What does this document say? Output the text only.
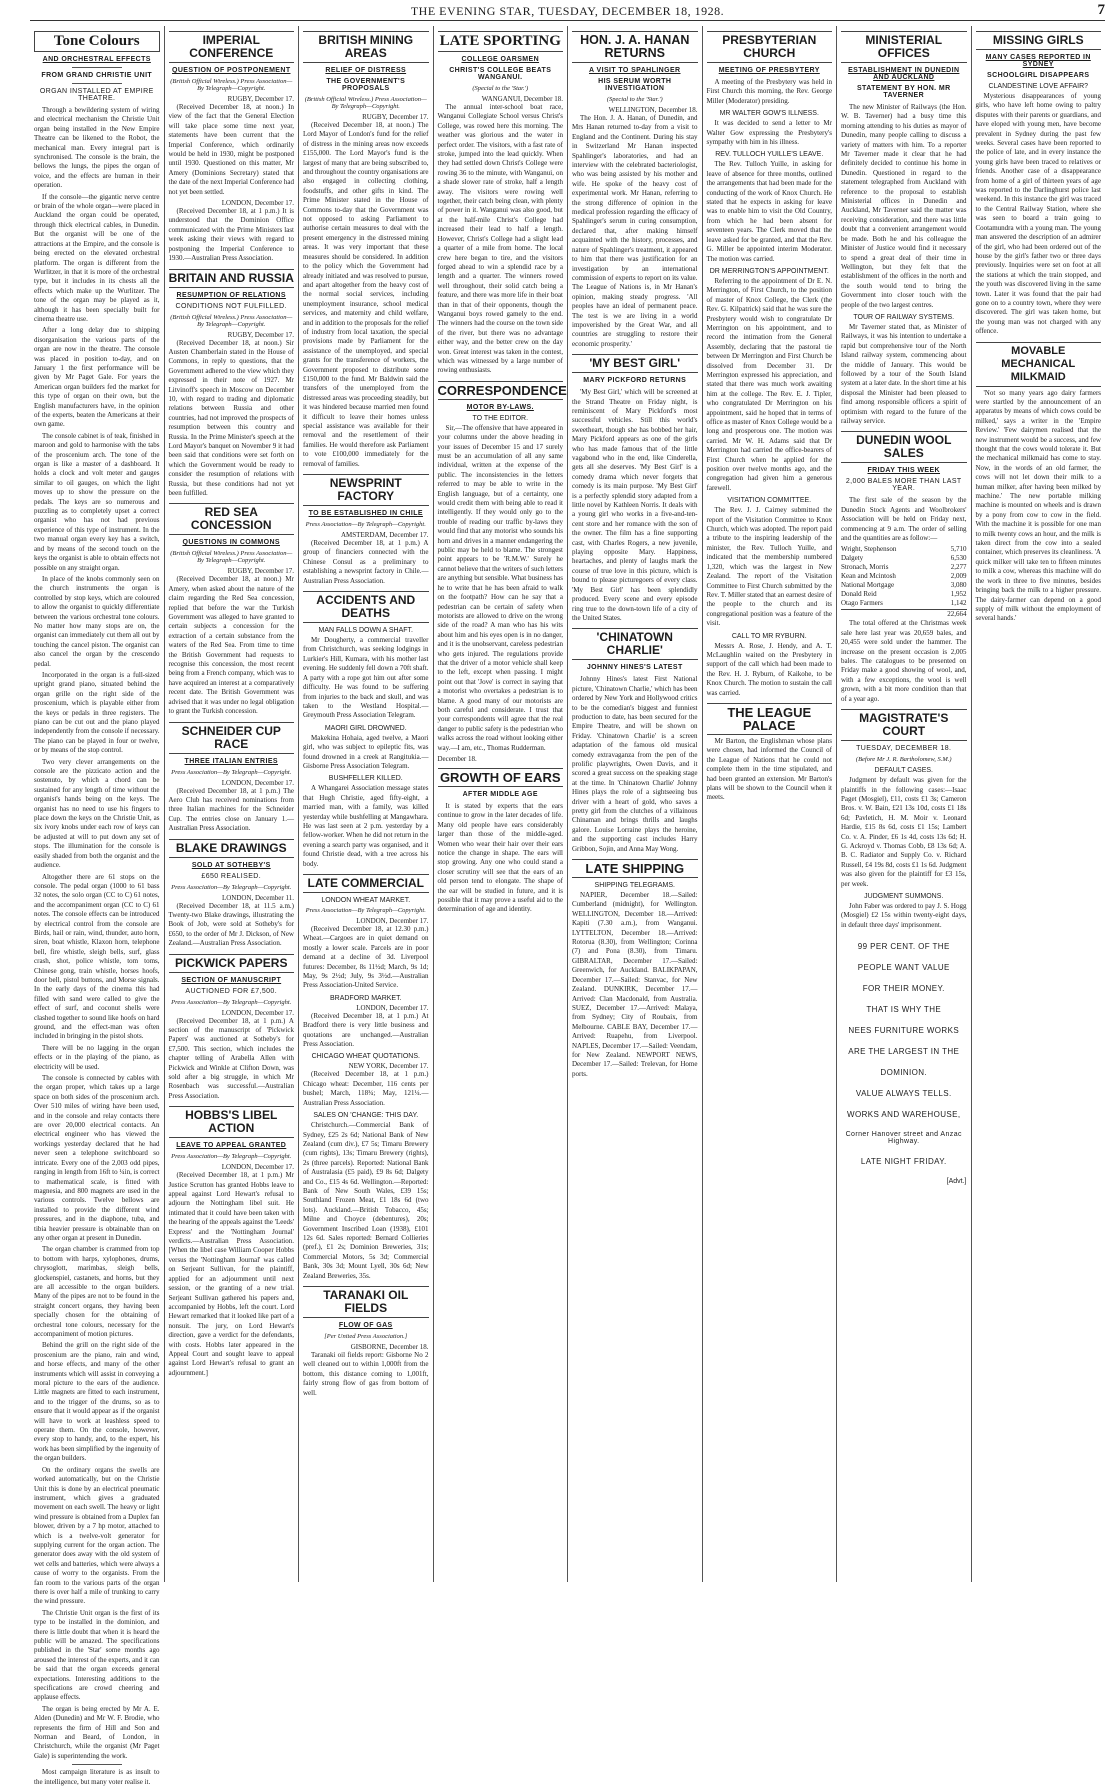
THE EVENING STAR, TUESDAY, DECEMBER 18, 1928.	7
Tone Colours
AND ORCHESTRAL EFFECTS
FROM GRAND CHRISTIE UNIT
ORGAN INSTALLED AT EMPIRE THEATRE.

Through a bewildering system of wiring and electrical mechanism the Christie Unit organ being installed in the New Empire Theatre can be likened to the Robot, the mechanical man. Every integral part is synchronised. The console is the brain, the bellows the lungs, the pipes the organ of voice, and the effects are human in their operation.

If the console—the gigantic nerve centre or brain of the whole organ—were placed in Auckland the organ could be operated, through thick electrical cables, in Dunedin. But the organist will be one of the attractions at the Empire, and the console is being erected on the elevated orchestral platform. The organ is different from the Wurlitzer, in that it is more of the orchestral type, but it includes in its chests all the effects which make up the Wurlitzer. The tone of the organ may be played as it, although it has been specially built for cinema theatre use.

After a long delay due to shipping disorganisation the various parts of the organ are now in the theatre. The console was placed in position to-day, and on January 1 the first performance will be given by Mr Paget Gale. For years the American organ builders fed the market for this type of organ on their own, but the English manufacturers have, in the opinion of the experts, beaten the Americans at their own game.

The console cabinet is of teak, finished in maroon and gold to harmonise with the tabs of the proscenium arch. The tone of the organ is like a master of a dashboard. It holds a clock and volt meter and gauges similar to oil gauges, on which the light moves up to show the pressure on the pedals. The keys are so numerous and puzzling as to completely upset a correct organist who has not had previous experience of this type of instrument. In the two manual organ every key has a switch, and by means of the second touch on the keys the organist is able to obtain effects not possible on any straight organ.

In place of the knobs commonly seen on the church instruments the organ is controlled by stop keys, which are coloured to allow the organist to quickly differentiate between the various orchestral tone colours. No matter how many stops are on, the organist can immediately cut them all out by touching the cancel piston. The organist can also cancel the organ by the crescendo pedal.

Incorporated in the organ is a full-sized upright grand piano, situated behind the organ grille on the right side of the proscenium, which is playable either from the keys or pedals in three registers. The piano can be cut out and the piano played independently from the console if necessary. The piano can be played in four or twelve, or by means of the stop control.

Two very clever arrangements on the console are the pizzicato action and the sostenuto, by which a chord can be sustained for any length of time without the organist's hands being on the keys. The organist has no need to use his fingers to place down the keys on the Christie Unit, as six ivory knobs under each row of keys can be adjusted at will to put down any set of stops. The illumination for the console is easily shaded from both the organist and the audience.

Altogether there are 61 stops on the console. The pedal organ (1000 to 61 bass 32 notes, the solo organ (CC to C) 61 notes, and the accompaniment organ (CC to C) 61 notes. The console effects can be introduced by electrical control from the console are Birds, hail or rain, wind, thunder, auto horn, siren, boat whistle, Klaxon horn, telephone bell, fire whistle, sleigh bells, surf, glass crash, shot, police whistle, tom toms, Chinese gong, train whistle, horses hoofs, door bell, pistol buttons, and Morse signals. In the early days of the cinema this had filled with sand were called to give the effect of surf, and coconut shells were clashed together to sound like hoofs on hard ground, and the effect-man was often included in bringing in the pistol shots.

There will be no lagging in the organ effects or in the playing of the piano, as electricity will be used.

The console is connected by cables with the organ proper, which takes up a large space on both sides of the proscenium arch. Over 510 miles of wiring have been used, and in the console and relay contacts there are over 20,000 electrical contacts. An electrical engineer who has viewed the workings yesterday declared that he had never seen a telephone switchboard so intricate. Every one of the 2,003 odd pipes, ranging in length from 16ft to ¼in, is correct to mathematical scale, is fitted with magnesia, and 800 magnets are used in the various controls. Twelve bellows are installed to provide the different wind pressures, and in the diaphone, tuba, and tibia heavier pressure is obtainable than on any other organ at present in Dunedin.

The organ chamber is crammed from top to bottom with harps, xylophones, drums, chrysoglott, marimbas, sleigh bells, glockenspiel, castanets, and horns, but they are all accessible to the organ builders. Many of the pipes are not to be found in the straight concert organs, they having been specially chosen for the obtaining of orchestral tone colours, necessary for the accompaniment of motion pictures.

Behind the grill on the right side of the proscenium are the piano, rain and wind, and horse effects, and many of the other instruments which will assist in conveying a moral picture to the ears of the audience. Little magnets are fitted to each instrument, and to the trigger of the drums, so as to ensure that it would appear as if the organist will have to work at leashless speed to operate them. On the console, however, every stop to handy, and, to the expert, his work has been simplified by the ingenuity of the organ builders.

On the ordinary organs the swells are worked automatically, but on the Christie Unit this is done by an electrical pneumatic instrument, which gives a graduated movement on each swell. The heavy or light wind pressure is obtained from a Duplex fan blower, driven by a 7 hp motor, attached to which is a twelve-volt generator for supplying current for the organ action. The generator does away with the old system of wet cells and batteries, which were always a cause of worry to the organists. From the fan room to the various parts of the organ there is over half a mile of trunking to carry the wind pressure.

The Christie Unit organ is the first of its type to be installed in the dominion, and there is little doubt that when it is heard the public will be amazed. The specifications published in the 'Star' some months ago aroused the interest of the experts, and it can be said that the organ exceeds general expectations. Interesting additions to the specifications are crowd cheering and applause effects.

The organ is being erected by Mr A. E. Alden (Dunedin) and Mr W. F. Brodie, who represents the firm of Hill and Son and Norman and Beard, of London, in Christchurch, while the organist (Mr Paget Gale) is superintending the work.

Most campaign literature is as insult to the intelligence, but many voter realise it.

IMPERIAL CONFERENCE
QUESTION OF POSTPONEMENT
(British Official Wireless.) Press Association—By Telegraph—Copyright.
RUGBY, December 17.

(Received December 18, at noon.) In view of the fact that the General Election will take place some time next year, statements have been current that the Imperial Conference, which ordinarily would be held in 1930, might be postponed until 1930. Questioned on this matter, Mr Amery (Dominions Secretary) stated that the date of the next Imperial Conference had not yet been settled.

LONDON, December 17.

(Received December 18, at 1 p.m.) It is understood that the Dominion Office communicated with the Prime Ministers last week asking their views with regard to postponing the Imperial Conference to 1930.—Australian Press Association.

BRITAIN AND RUSSIA
RESUMPTION OF RELATIONS
CONDITIONS NOT FULFILLED.
(British Official Wireless.) Press Association—By Telegraph—Copyright.
RUGBY, December 17.

(Received December 18, at noon.) Sir Austen Chamberlain stated in the House of Commons, in reply to questions, that the Government adhered to the view which they expressed in their note of 1927. Mr Litvinoff's speech in Moscow on December 10, with regard to trading and diplomatic relations between Russia and other countries, had not improved the prospects of resumption between this country and Russia. In the Prime Minister's speech at the Lord Mayor's banquet on November 9 it had been said that conditions were set forth on which the Government would be ready to consider the resumption of relations with Russia, but these conditions had not yet been fulfilled.

RED SEA CONCESSION
QUESTIONS IN COMMONS
(British Official Wireless.) Press Association—By Telegraph—Copyright.
RUGBY, December 17.

(Received December 18, at noon.) Mr Amery, when asked about the nature of the claim regarding the Red Sea concession, replied that before the war the Turkish Government was alleged to have granted to certain subjects a concession for the extraction of a certain substance from the waters of the Red Sea. From time to time the British Government had requests to recognise this concession, the most recent being from a French company, which was to have acquired an interest at a comparatively recent date. The British Government was advised that it was under no legal obligation to grant the Turkish concession.

SCHNEIDER CUP RACE
THREE ITALIAN ENTRIES
Press Association—By Telegraph—Copyright.
LONDON, December 17.

(Received December 18, at 1 p.m.) The Aero Club has received nominations from three Italian machines for the Schneider Cup. The entries close on January 1.—Australian Press Association.

BLAKE DRAWINGS
SOLD AT SOTHEBY'S
£650 REALISED.
Press Association—By Telegraph—Copyright.
LONDON, December 11.

(Received December 18, at 11.5 a.m.) Twenty-two Blake drawings, illustrating the Book of Job, were sold at Sotheby's for £650, to the order of Mr J. Dickson, of New Zealand.—Australian Press Association.

PICKWICK PAPERS
SECTION OF MANUSCRIPT
AUCTIONED FOR £7,500.
Press Association—By Telegraph—Copyright.
LONDON, December 17.

(Received December 18, at 1 p.m.) A section of the manuscript of 'Pickwick Papers' was auctioned at Sotheby's for £7,500. This section, which includes the chapter telling of Arabella Allen with Pickwick and Winkle at Clifton Down, was sold after a big struggle, in which Mr Rosenbach was successful.—Australian Press Association.

HOBBS'S LIBEL ACTION
LEAVE TO APPEAL GRANTED
Press Association—By Telegraph—Copyright.
LONDON, December 17.

(Received December 18, at 1 p.m.) Mr Justice Scrutton has granted Hobbs leave to appeal against Lord Hewart's refusal to adjourn the Nottingham libel suit. He intimated that it could have been taken with the hearing of the appeals against the 'Leeds' Express' and the 'Nottingham Journal' verdicts.—Australian Press Association. [When the libel case William Cooper Hobbs versus the 'Nottingham Journal' was called on Serjeant Sullivan, for the plaintiff, applied for an adjournment until next session, or the granting of a new trial. Serjeant Sullivan gathered his papers and, accompanied by Hobbs, left the court. Lord Hewart remarked that it looked like part of a nonsuit. The jury, on Lord Hewart's direction, gave a verdict for the defendants, with costs. Hobbs later appeared in the Appeal Court and sought leave to appeal against Lord Hewart's refusal to grant an adjournment.]

BRITISH MINING AREAS
RELIEF OF DISTRESS
THE GOVERNMENT'S PROPOSALS
(British Official Wireless.) Press Association—By Telegraph—Copyright.
RUGBY, December 17.

(Received December 18, at noon.) The Lord Mayor of London's fund for the relief of distress in the mining areas now exceeds £155,000. The Lord Mayor's fund is the largest of many that are being subscribed to, and throughout the country organisations are also engaged in collecting clothing, foodstuffs, and other gifts in kind. The Prime Minister stated in the House of Commons to-day that the Government was not opposed to asking Parliament to authorise certain measures to deal with the present emergency in the distressed mining areas. It was very important that these measures should be considered. In addition to the policy which the Government had already initiated and was resolved to pursue, and apart altogether from the heavy cost of the normal social services, including unemployment insurance, school medical services, and maternity and child welfare, and in addition to the proposals for the relief of industry from local taxation, the special provisions made by Parliament for the assistance of the unemployed, and special grants for the transference of workers, the Government proposed to distribute some £150,000 to the fund. Mr Baldwin said the transfers of the unemployed from the distressed areas was proceeding steadily, but it was hindered because married men found it difficult to leave their homes unless special assistance was available for their removal and the resettlement of their families. He would therefore ask Parliament to vote £100,000 immediately for the removal of families.

NEWSPRINT FACTORY
TO BE ESTABLISHED IN CHILE
Press Association—By Telegraph—Copyright.
AMSTERDAM, December 17.

(Received December 18, at 1 p.m.) A group of financiers connected with the Chinese Consul as a preliminary to establishing a newsprint factory in Chile.—Australian Press Association.

ACCIDENTS AND DEATHS
MAN FALLS DOWN A SHAFT.

Mr Dougherty, a commercial traveller from Christchurch, was seeking lodgings in Lurkier's Hill, Kumara, with his mother last evening. He suddenly fell down a 70ft shaft. A party with a rope got him out after some difficulty. He was found to be suffering from injuries to the back and skull, and was taken to the Westland Hospital.—Greymouth Press Association Telegram.

MAORI GIRL DROWNED.

Makekina Hohaia, aged twelve, a Maori girl, who was subject to epileptic fits, was found drowned in a creek at Rangitukia.—Gisborne Press Association Telegram.

BUSHFELLER KILLED.

A Whangarei Association message states that Hugh Christie, aged fifty-eight, a married man, with a family, was killed yesterday while bushfelling at Mangawhara. He was last seen at 2 p.m. yesterday by a fellow-worker. When he did not return in the evening a search party was organised, and it found Christie dead, with a tree across his body.

LATE COMMERCIAL
LONDON WHEAT MARKET.
Press Association—By Telegraph—Copyright.
LONDON, December 17.

(Received December 18, at 12.30 p.m.) Wheat.—Cargoes are in quiet demand on mostly a lower scale. Parcels are in poor demand at a decline of 3d. Liverpool futures: December, 8s 11½d; March, 9s 1d; May, 9s 2½d; July, 9s 3½d.—Australian Press Association-United Service.

BRADFORD MARKET.
LONDON, December 17.

(Received December 18, at 1 p.m.) At Bradford there is very little business and quotations are unchanged.—Australian Press Association.

CHICAGO WHEAT QUOTATIONS.
NEW YORK, December 17.

(Received December 18, at 1 p.m.) Chicago wheat: December, 116 cents per bushel; March, 118¾; May, 121¼.—Australian Press Association.

SALES ON 'CHANGE: THIS DAY.

Christchurch.—Commercial Bank of Sydney, £25 2s 6d; National Bank of New Zealand (cum div.), £7 5s; Timaru Brewery (cum rights), 13s; Timaru Brewery (rights), 2s (three parcels). Reported: National Bank of Australasia (£5 paid), £9 8s 6d; Dalgety and Co., £15 4s 6d. Wellington.—Reported: Bank of New South Wales, £39 15s; Southland Frozen Meat, £1 18s 6d (two lots). Auckland.—British Tobacco, 45s; Milne and Choyce (debentures), 20s; Government Inscribed Loan (1938), £101 12s 6d. Sales reported: Bernard Collieries (pref.), £1 2s; Dominion Breweries, 31s; Commercial Motors, 5s 3d; Commercial Bank, 30s 3d; Mount Lyell, 30s 6d; New Zealand Breweries, 35s.

TARANAKI OIL FIELDS
FLOW OF GAS
[Per United Press Association.]
GISBORNE, December 18.

Taranaki oil fields report: Gisborne No 2 well cleaned out to within 1,000ft from the bottom, this distance coming to 1,001ft, fairly strong flow of gas from bottom of well.

LATE SPORTING
COLLEGE OARSMEN
CHRIST'S COLLEGE BEATS WANGANUI.
(Special to the 'Star.')
WANGANUI, December 18.

The annual inter-school boat race, Wanganui Collegiate School versus Christ's College, was rowed here this morning. The weather was glorious and the water in perfect order. The visitors, with a fast rate of stroke, jumped into the lead quickly. When they had settled down Christ's College were rowing 36 to the minute, with Wanganui, on a shade slower rate of stroke, half a length away. The visitors were rowing well together, their catch being clean, with plenty of power in it. Wanganui was also good, but at the half-mile Christ's College had increased their lead to half a length. However, Christ's College had a slight lead a quarter of a mile from home. The local crew here began to tire, and the visitors forged ahead to win a splendid race by a length and a quarter. The winners rowed well throughout, their solid catch being a feature, and there was more life in their boat than in that of their opponents, though the Wanganui boys rowed gamely to the end. The winners had the course on the town side of the river, but there was no advantage either way, and the better crew on the day won. Great interest was taken in the contest, which was witnessed by a large number of rowing enthusiasts.

CORRESPONDENCE
MOTOR BY-LAWS.
TO THE EDITOR.

Sir,—The offensive that have appeared in your columns under the above heading in your issues of December 15 and 17 surely must be an accumulation of all any same individual, written at the expense of the public. The inconsistencies in the letters referred to may be able to write in the English language, but of a certainty, one would credit them with being able to read it intelligently. If they would only go to the trouble of reading our traffic by-laws they would find that any motorist who sounds his horn and drives in a manner endangering the public may be held to blame. The strongest point appears to be 'R.M.W.' Surely he cannot believe that the writers of such letters are anything but sensible. What business has he to write that he has been afraid to walk on the footpath? How can he say that a pedestrian can be certain of safety when motorists are allowed to drive on the wrong side of the road? A man who has his wits about him and his eyes open is in no danger, and it is the unobservant, careless pedestrian who gets injured. The regulations provide that the driver of a motor vehicle shall keep to the left, except when passing. I might point out that 'Jove' is correct in saying that a motorist who overtakes a pedestrian is to blame. A good many of our motorists are both careful and considerate. I trust that your correspondents will agree that the real danger to public safety is the pedestrian who walks across the road without looking either way.—I am, etc., Thomas Rudderman.

December 18.
GROWTH OF EARS
AFTER MIDDLE AGE

It is stated by experts that the ears continue to grow in the later decades of life. Many old people have ears considerably larger than those of the middle-aged. Women who wear their hair over their ears notice the change in shape. The ears will stop growing. Any one who could stand a closer scrutiny will see that the ears of an old person tend to elongate. The shape of the ear will be studied in future, and it is possible that it may prove a useful aid to the determination of age and identity.

HON. J. A. HANAN RETURNS
A VISIT TO SPAHLINGER
HIS SERUM WORTH INVESTIGATION
(Special to the 'Star.')
WELLINGTON, December 18.

The Hon. J. A. Hanan, of Dunedin, and Mrs Hanan returned to-day from a visit to England and the Continent. During his stay in Switzerland Mr Hanan inspected Spahlinger's laboratories, and had an interview with the celebrated bacteriologist, who was being assisted by his mother and wife. He spoke of the heavy cost of experimental work. Mr Hanan, referring to the strong difference of opinion in the medical profession regarding the efficacy of Spahlinger's serum in curing consumption, declared that, after making himself acquainted with the history, processes, and nature of Spahlinger's treatment, it appeared to him that there was justification for an investigation by an international commission of experts to report on its value. The League of Nations is, in Mr Hanan's opinion, making steady progress. 'All peoples have an ideal of permanent peace. The test is we are living in a world impoverished by the Great War, and all countries are struggling to restore their economic prosperity.'

'MY BEST GIRL'
MARY PICKFORD RETURNS

'My Best Girl,' which will be screened at the Strand Theatre on Friday night, is reminiscent of Mary Pickford's most successful vehicles. Still this world's sweetheart, though she has bobbed her hair, Mary Pickford appears as one of the girls who has made famous that of the little vagabond who in the end, like Cinderella, gets all she deserves. 'My Best Girl' is a comedy drama which never forgets that comedy is its main purpose. 'My Best Girl' is a perfectly splendid story adapted from a little novel by Kathleen Norris. It deals with a young girl who works in a five-and-ten-cent store and her romance with the son of the owner. The film has a fine supporting cast, with Charles Rogers, a new juvenile, playing opposite Mary. Happiness, heartaches, and plenty of laughs mark the course of true love in this picture, which is bound to please picturegoers of every class. 'My Best Girl' has been splendidly produced. Every scene and every episode ring true to the down-town life of a city of the United States.

'CHINATOWN CHARLIE'
JOHNNY HINES'S LATEST

Johnny Hines's latest First National picture, 'Chinatown Charlie,' which has been ordered by New York and Hollywood critics to be the comedian's biggest and funniest production to date, has been secured for the Empire Theatre, and will be shown on Friday. 'Chinatown Charlie' is a screen adaptation of the famous old musical comedy extravaganza from the pen of the prolific playwrights, Owen Davis, and it scored a great success on the speaking stage at the time. In 'Chinatown Charlie' Johnny Hines plays the role of a sightseeing bus driver with a heart of gold, who saves a pretty girl from the clutches of a villainous Chinaman and brings thrills and laughs galore. Louise Lorraine plays the heroine, and the supporting cast includes Harry Gribbon, Sojin, and Anna May Wong.

LATE SHIPPING
SHIPPING TELEGRAMS.

NAPIER, December 18.—Sailed: Cumberland (midnight), for Wellington. WELLINGTON, December 18.—Arrived: Kapiti (7.30 a.m.), from Wanganui. LYTTELTON, December 18.—Arrived: Rotorua (8.30), from Wellington; Corinna (7) and Pona (8.30), from Timaru. GIBRALTAR, December 17.—Sailed: Greenwich, for Auckland. BALIKPAPAN, December 17.—Sailed: Stanvac, for New Zealand. DUNKIRK, December 17.—Arrived: Clan Macdonald, from Australia. SUEZ, December 17.—Arrived: Malaya, from Sydney; City of Roubaix, from Melbourne. CABLE BAY, December 17.—Arrived: Ruapehu, from Liverpool. NAPLES, December 17.—Sailed: Veendam, for New Zealand. NEWPORT NEWS, December 17.—Sailed: Trelevan, for Home ports.

PRESBYTERIAN CHURCH
MEETING OF PRESBYTERY

A meeting of the Presbytery was held in First Church this morning, the Rev. George Miller (Moderator) presiding.

MR WALTER GOW'S ILLNESS.

It was decided to send a letter to Mr Walter Gow expressing the Presbytery's sympathy with him in his illness.

REV. TULLOCH YUILLE'S LEAVE.

The Rev. Tulloch Yuille, in asking for leave of absence for three months, outlined the arrangements that had been made for the conducting of the work of Knox Church. He stated that he expects in asking for leave was to enable him to visit the Old Country, from which he had been absent for seventeen years. The Clerk moved that the leave asked for be granted, and that the Rev. G. Miller be appointed interim Moderator. The motion was carried.

DR MERRINGTON'S APPOINTMENT.

Referring to the appointment of Dr E. N. Merrington, of First Church, to the position of master of Knox College, the Clerk (the Rev. G. Kilpatrick) said that he was sure the Presbytery would wish to congratulate Dr Merrington on his appointment, and to record the intimation from the General Assembly, declaring that the pastoral tie between Dr Merrington and First Church be dissolved from December 31. Dr Merrington expressed his appreciation, and stated that there was much work awaiting him at the college. The Rev. E. J. Tipler, who congratulated Dr Merrington on his appointment, said he hoped that in terms of office as master of Knox College would be a long and prosperous one. The motion was carried. Mr W. H. Adams said that Dr Merrington had carried the office-bearers of First Church when he applied for the position over twelve months ago, and the congregation had given him a generous farewell.

VISITATION COMMITTEE.

The Rev. J. J. Cairney submitted the report of the Visitation Committee to Knox Church, which was adopted. The report paid a tribute to the inspiring leadership of the minister, the Rev. Tulloch Yuille, and indicated that the membership numbered 1,320, which was the largest in New Zealand. The report of the Visitation Committee to First Church submitted by the Rev. T. Miller stated that an earnest desire of the people to the church and its congregational position was a feature of the visit.

CALL TO MR RYBURN.

Messrs A. Rose, J. Hendy, and A. T. McLaughlin waited on the Presbytery in support of the call which had been made to the Rev. H. J. Ryburn, of Kaikohe, to be Knox Church. The motion to sustain the call was carried.

THE LEAGUE PALACE

Mr Barton, the Englishman whose plans were chosen, had informed the Council of the League of Nations that he could not complete them in the time stipulated, and had been granted an extension. Mr Barton's plans will be shown to the Council when it meets.

MINISTERIAL OFFICES
ESTABLISHMENT IN DUNEDIN AND AUCKLAND
STATEMENT BY HON. MR TAVERNER

The new Minister of Railways (the Hon. W. B. Taverner) had a busy time this morning attending to his duties as mayor of Dunedin, many people calling to discuss a variety of matters with him. To a reporter Mr Taverner made it clear that he had definitely decided to continue his home in Dunedin. Questioned in regard to the statement telegraphed from Auckland with reference to the proposal to establish Ministerial offices in Dunedin and Auckland, Mr Taverner said the matter was receiving consideration, and there was little doubt that a convenient arrangement would be made. Both he and his colleague the Minister of Justice would find it necessary to spend a great deal of their time in Wellington, but they felt that the establishment of the offices in the north and the south would tend to bring the Government into closer touch with the people of the two largest centres.

TOUR OF RAILWAY SYSTEMS.

Mr Taverner stated that, as Minister of Railways, it was his intention to undertake a rapid but comprehensive tour of the North Island railway system, commencing about the middle of January. This would be followed by a tour of the South Island system at a later date. In the short time at his disposal the Minister had been pleased to find among responsible officers a spirit of optimism with regard to the future of the railway service.

DUNEDIN WOOL SALES
FRIDAY THIS WEEK
2,000 BALES MORE THAN LAST YEAR.

The first sale of the season by the Dunedin Stock Agents and Woolbrokers' Association will be held on Friday next, commencing at 9 a.m. The order of selling and the quantities are as follow:—

Wright, Stephenson	5,710
Dalgety	6,530
Stronach, Morris	2,277
Kean and Mcintosh	2,009
National Mortgage	3,080
Donald Reid	1,952
Otago Farmers	1,142
22,664

The total offered at the Christmas week sale here last year was 20,659 bales, and 20,455 were sold under the hammer. The increase on the present occasion is 2,005 bales. The catalogues to be presented on Friday make a good showing of wool, and, with a few exceptions, the wool is well grown, with a bit more condition than that of a year ago.

MAGISTRATE'S COURT
TUESDAY, DECEMBER 18.
(Before Mr J. R. Bartholomew, S.M.)
DEFAULT CASES.

Judgment by default was given for the plaintiffs in the following cases:—Isaac Paget (Mosgiel), £11, costs £1 3s; Cameron Bros. v. W. Bain, £21 13s 10d, costs £1 18s 6d; Pavletich, H. M. Moir v. Leonard Hardie, £15 8s 6d, costs £1 15s; Lambert Co. v. A. Pinder, £6 1s 4d, costs 13s 6d; H. G. Ackroyd v. Thomas Cobb, £8 13s 6d; A. B. C. Radiator and Supply Co. v. Richard Russell, £4 19s 8d, costs £1 1s 6d. Judgment was also given for the plaintiff for £3 15s, per week.

JUDGMENT SUMMONS.

John Faber was ordered to pay J. S. Hogg (Mosgiel) £2 15s within twenty-eight days, in default three days' imprisonment.

99 PER CENT. OF THE
PEOPLE WANT VALUE
FOR THEIR MONEY.
THAT IS WHY THE
NEES FURNITURE WORKS
ARE THE LARGEST IN THE
DOMINION.
VALUE ALWAYS TELLS.
WORKS AND WAREHOUSE,
Corner Hanover street and Anzac Highway.
LATE NIGHT FRIDAY.
[Advt.]
MISSING GIRLS
MANY CASES REPORTED IN SYDNEY
SCHOOLGIRL DISAPPEARS
CLANDESTINE LOVE AFFAIR?

Mysterious disappearances of young girls, who have left home owing to paltry disputes with their parents or guardians, and have eloped with young men, have become prevalent in Sydney during the past few weeks. Several cases have been reported to the police of late, and in every instance the young girls have been traced to relatives or friends. Another case of a disappearance from home of a girl of thirteen years of age was reported to the Darlinghurst police last weekend. In this instance the girl was traced to the Central Railway Station, where she was seen to board a train going to Cootamundra with a young man. The young man answered the description of an admirer of the girl, who had been ordered out of the house by the girl's father two or three days previously. Inquiries were set on foot at all the stations at which the train stopped, and the youth was discovered living in the same town. Later it was found that the pair had gone on to a country town, where they were discovered. The girl was taken home, but the young man was not charged with any offence.

MOVABLE MECHANICAL MILKMAID

'Not so many years ago dairy farmers were startled by the announcement of an apparatus by means of which cows could be milked,' says a writer in the 'Empire Review.' 'Few dairymen realised that the new instrument would be a success, and few thought that the cows would tolerate it. But the mechanical milkmaid has come to stay. Now, in the words of an old farmer, the cows will not let down their milk to a human milker, after having been milked by machine.' The new portable milking machine is mounted on wheels and is drawn by a pony from cow to cow in the field. With the machine it is possible for one man to milk twenty cows an hour, and the milk is taken direct from the cow into a sealed container, which preserves its cleanliness. 'A quick milker will take ten to fifteen minutes to milk a cow, whereas this machine will do the work in three to five minutes, besides bringing back the milk to a higher pressure. The dairy-farmer can depend on a good supply of milk without the employment of several hands.'
